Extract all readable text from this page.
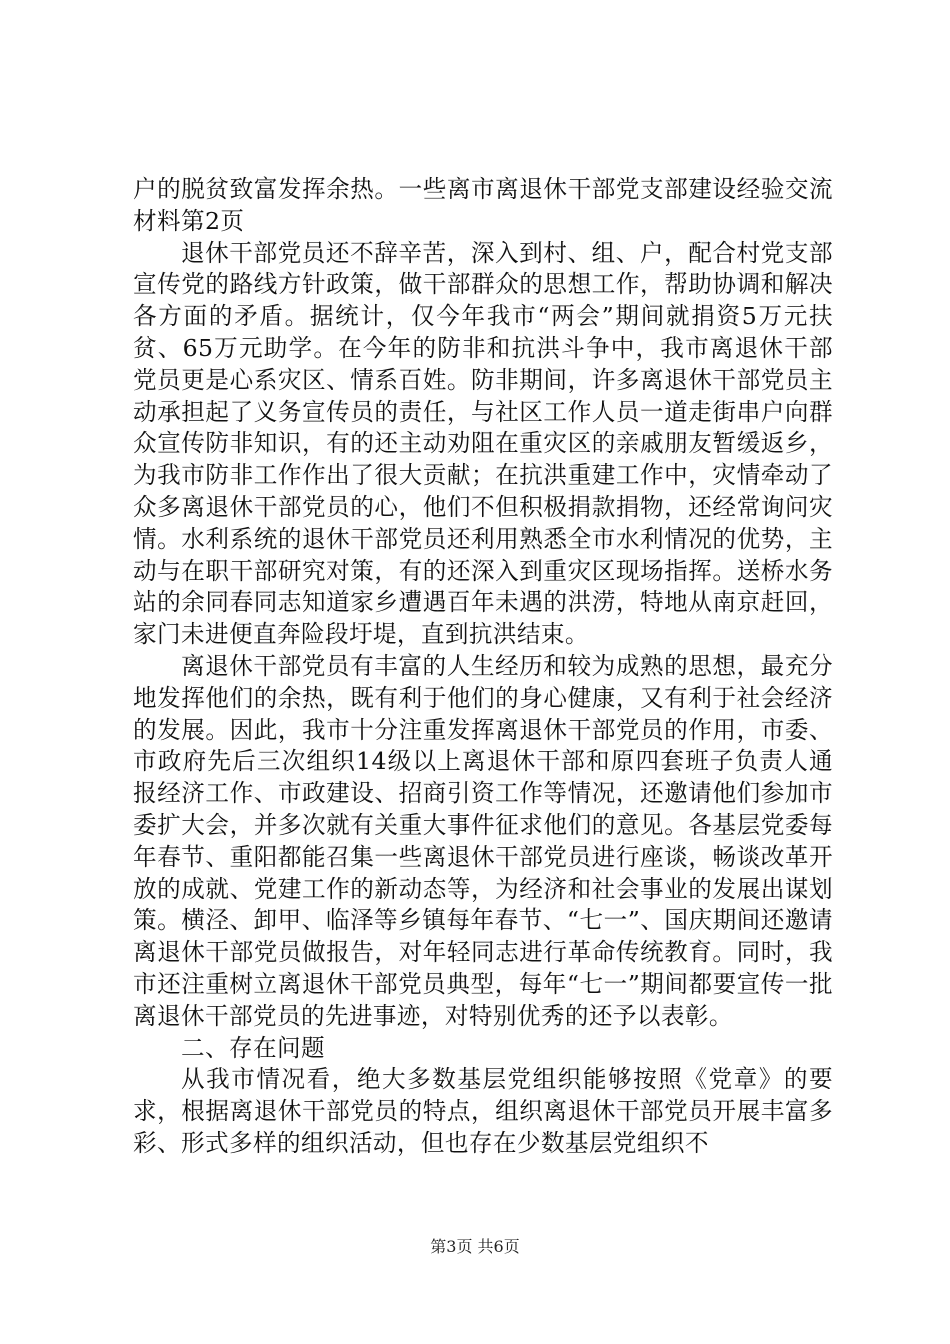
户的脱贫致富发挥余热。一些离市离退休干部党支部建设经验交流材料第2页

退休干部党员还不辞辛苦，深入到村、组、户，配合村党支部宣传党的路线方针政策，做干部群众的思想工作，帮助协调和解决各方面的矛盾。据统计，仅今年我市“两会”期间就捐资5万元扶贫、65万元助学。在今年的防非和抗洪斗争中，我市离退休干部党员更是心系灾区、情系百姓。防非期间，许多离退休干部党员主动承担起了义务宣传员的责任，与社区工作人员一道走街串户向群众宣传防非知识，有的还主动劝阻在重灾区的亲戚朋友暂缓返乡，为我市防非工作作出了很大贡献；在抗洪重建工作中，灾情牵动了众多离退休干部党员的心，他们不但积极捐款捐物，还经常询问灾情。水利系统的退休干部党员还利用熟悉全市水利情况的优势，主动与在职干部研究对策，有的还深入到重灾区现场指挥。送桥水务站的余同春同志知道家乡遭遇百年未遇的洪涝，特地从南京赶回，家门未进便直奔险段圩堤，直到抗洪结束。

离退休干部党员有丰富的人生经历和较为成熟的思想，最充分地发挥他们的余热，既有利于他们的身心健康，又有利于社会经济的发展。因此，我市十分注重发挥离退休干部党员的作用，市委、市政府先后三次组织14级以上离退休干部和原四套班子负责人通报经济工作、市政建设、招商引资工作等情况，还邀请他们参加市委扩大会，并多次就有关重大事件征求他们的意见。各基层党委每年春节、重阳都能召集一些离退休干部党员进行座谈，畅谈改革开放的成就、党建工作的新动态等，为经济和社会事业的发展出谋划策。横泾、卸甲、临泽等乡镇每年春节、“七一”、国庆期间还邀请离退休干部党员做报告，对年轻同志进行革命传统教育。同时，我市还注重树立离退休干部党员典型，每年“七一”期间都要宣传一批离退休干部党员的先进事迹，对特别优秀的还予以表彰。

二、存在问题

从我市情况看，绝大多数基层党组织能够按照《党章》的要求，根据离退休干部党员的特点，组织离退休干部党员开展丰富多彩、形式多样的组织活动，但也存在少数基层党组织不

第3页 共6页
